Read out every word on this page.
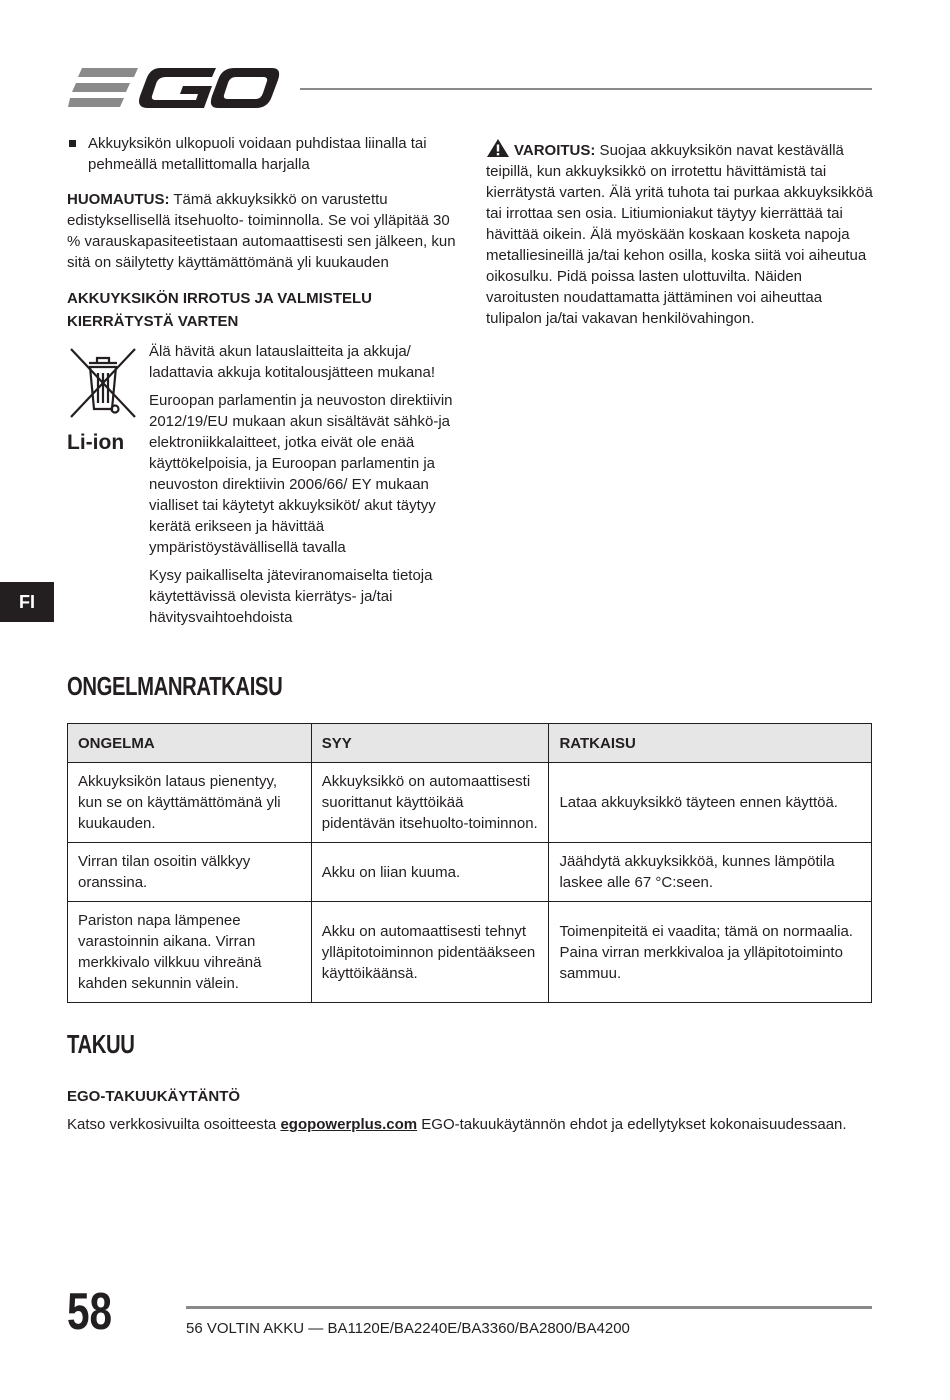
Akkuyksikön ulkopuoli voidaan puhdistaa liinalla tai pehmeällä metallittomalla harjalla

HUOMAUTUS: Tämä akkuyksikkö on varustettu edistyksellisellä itsehuolto- toiminnolla. Se voi ylläpitää 30 % varauskapasiteetistaan automaattisesti sen jälkeen, kun sitä on säilytetty käyttämättömänä yli kuukauden

AKKUYKSIKÖN IRROTUS JA VALMISTELU KIERRÄTYSTÄ VARTEN
Li-ion

Älä hävitä akun latauslaitteita ja akkuja/ ladattavia akkuja kotitalousjätteen mukana!

Euroopan parlamentin ja neuvoston direktiivin 2012/19/EU mukaan akun sisältävät sähkö-ja elektroniikkalaitteet, jotka eivät ole enää käyttökelpoisia, ja Euroopan parlamentin ja neuvoston direktiivin 2006/66/ EY mukaan vialliset tai käytetyt akkuyksiköt/ akut täytyy kerätä erikseen ja hävittää ympäristöystävällisellä tavalla

Kysy paikalliselta jäteviranomaiselta tietoja käytettävissä olevista kierrätys- ja/tai hävitysvaihtoehdoista

VAROITUS: Suojaa akkuyksikön navat kestävällä teipillä, kun akkuyksikkö on irrotettu hävittämistä tai kierrätystä varten. Älä yritä tuhota tai purkaa akkuyksikköä tai irrottaa sen osia. Litiumioniakut täytyy kierrättää tai hävittää oikein. Älä myöskään koskaan kosketa napoja metalliesineillä ja/tai kehon osilla, koska siitä voi aiheutua oikosulku. Pidä poissa lasten ulottuvilta. Näiden varoitusten noudattamatta jättäminen voi aiheuttaa tulipalon ja/tai vakavan henkilövahingon.

FI
ONGELMANRATKAISU
ONGELMA	SYY	RATKAISU
Akkuyksikön lataus pienentyy, kun se on käyttämättömänä yli kuukauden.	Akkuyksikkö on automaattisesti suorittanut käyttöikää pidentävän itsehuolto-toiminnon.	Lataa akkuyksikkö täyteen ennen käyttöä.
Virran tilan osoitin välkkyy oranssina.	Akku on liian kuuma.	Jäähdytä akkuyksikköä, kunnes lämpötila laskee alle 67 °C:seen.
Pariston napa lämpenee varastoinnin aikana. Virran merkkivalo vilkkuu vihreänä kahden sekunnin välein.	Akku on automaattisesti tehnyt ylläpitotoiminnon pidentääkseen käyttöikäänsä.	Toimenpiteitä ei vaadita; tämä on normaalia. Paina virran merkkivaloa ja ylläpitotoiminto sammuu.
TAKUU
EGO-TAKUUKÄYTÄNTÖ
Katso verkkosivuilta osoitteesta egopowerplus.com EGO-takuukäytännön ehdot ja edellytykset kokonaisuudessaan.
58	56 VOLTIN AKKU — BA1120E/BA2240E/BA3360/BA2800/BA4200
